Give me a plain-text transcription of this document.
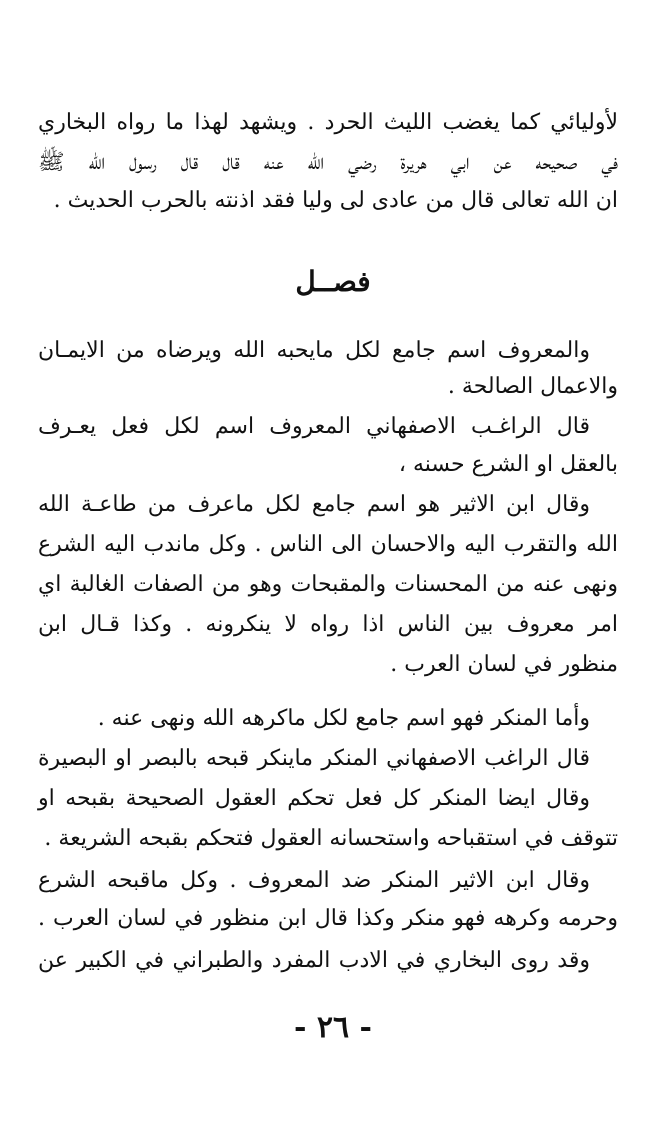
لأوليائي كما يغضب الليث الحرد . ويشهد لهذا ما رواه البخاري
في صحيحه عن ابي هريرة رضي الله عنه قال قال رسول الله ﷺ
ان الله تعالى قال من عادى لى وليا فقد اذنته بالحرب الحديث .
فصــل
والمعروف اسم جامع لكل مايحبه الله ويرضاه من الايمـان
والاعمال الصالحة .
قال الراغـب الاصفهاني المعروف اسم لكل فعل يعـرف
بالعقل او الشرع حسنه ،
وقال ابن الاثير هو اسم جامع لكل ماعرف من طاعـة الله
الله والتقرب اليه والاحسان الى الناس . وكل ماندب اليه الشرع
ونهى عنه من المحسنات والمقبحات وهو من الصفات الغالبة اي
امر معروف بين الناس اذا رواه لا ينكرونه . وكذا قـال ابن
منظور في لسان العرب .
وأما المنكر فهو اسم جامع لكل ماكرهه الله ونهى عنه .
قال الراغب الاصفهاني المنكر ماينكر قبحه بالبصر او البصيرة
وقال ايضا المنكر كل فعل تحكم العقول الصحيحة بقبحه او
تتوقف في استقباحه واستحسانه العقول فتحكم بقبحه الشريعة .
وقال ابن الاثير المنكر ضد المعروف . وكل ماقبحه الشرع
وحرمه وكرهه فهو منكر وكذا قال ابن منظور في لسان العرب .
وقد روى البخاري في الادب المفرد والطبراني في الكبير عن
- ٢٦ -
